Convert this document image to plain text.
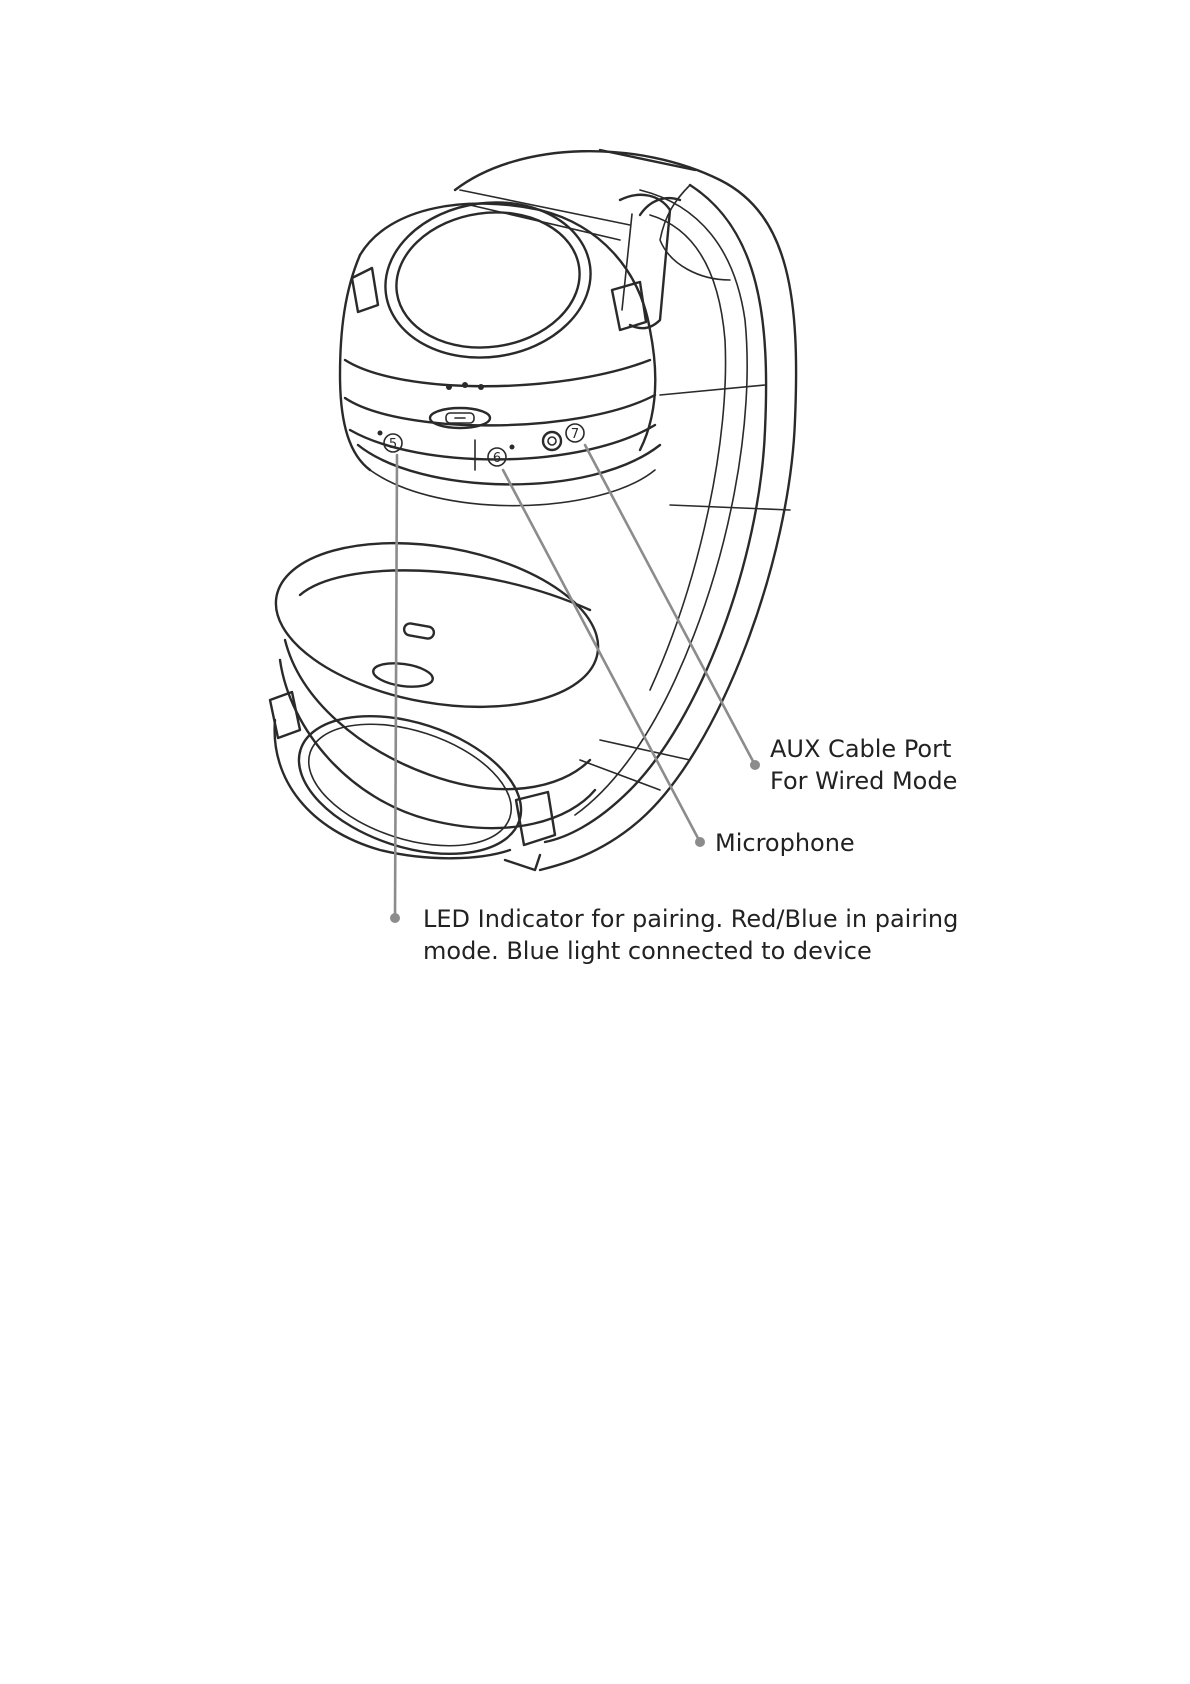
5
6
7
AUX Cable Port
For Wired Mode
Microphone
LED Indicator for pairing. Red/Blue in pairing
mode. Blue light connected to device
